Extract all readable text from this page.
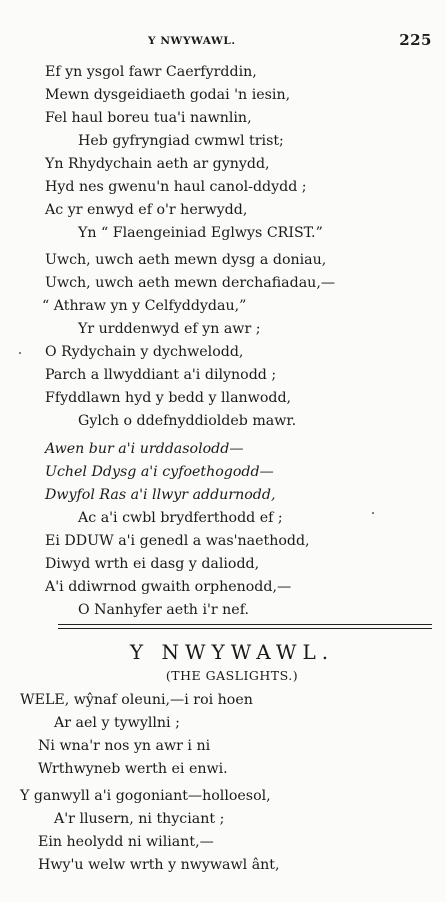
Y NWYWAWL.	225
Ef yn ysgol fawr Caerfyrddin,
Mewn dysgeidiaeth godai 'n iesin,
Fel haul boreu tua'i nawnlin,
Heb gyfryngiad cwmwl trist;
Yn Rhydychain aeth ar gynydd,
Hyd nes gwenu'n haul canol-ddydd ;
Ac yr enwyd ef o'r herwydd,
Yn “ Flaengeiniad Eglwys CRIST.”
Uwch, uwch aeth mewn dysg a doniau,
Uwch, uwch aeth mewn derchafiadau,—
“ Athraw yn y Celfyddydau,”
Yr urddenwyd ef yn awr ;
O Rydychain y dychwelodd,
Parch a llwyddiant a'i dilynodd ;
Ffyddlawn hyd y bedd y llanwodd,
Gylch o ddefnyddioldeb mawr.
Awen bur a'i urddasolodd—
Uchel Ddysg a'i cyfoethogodd—
Dwyfol Ras a'i llwyr addurnodd,
Ac a'i cwbl brydferthodd ef ;
Ei DDUW a'i genedl a was'naethodd,
Diwyd wrth ei dasg y daliodd,
A'i ddiwrnod gwaith orphenodd,—
O Nanhyfer aeth i'r nef.
Y NWYWAWL.
(THE GASLIGHTS.)
WELE, wŷnaf oleuni,—i roi hoen
Ar ael y tywyllni ;
Ni wna'r nos yn awr i ni
Wrthwyneb werth ei enwi.
Y ganwyll a'i gogoniant—holloesol,
A'r llusern, ni thyciant ;
Ein heolydd ni wiliant,—
Hwy'u welw wrth y nwywawl ânt,
